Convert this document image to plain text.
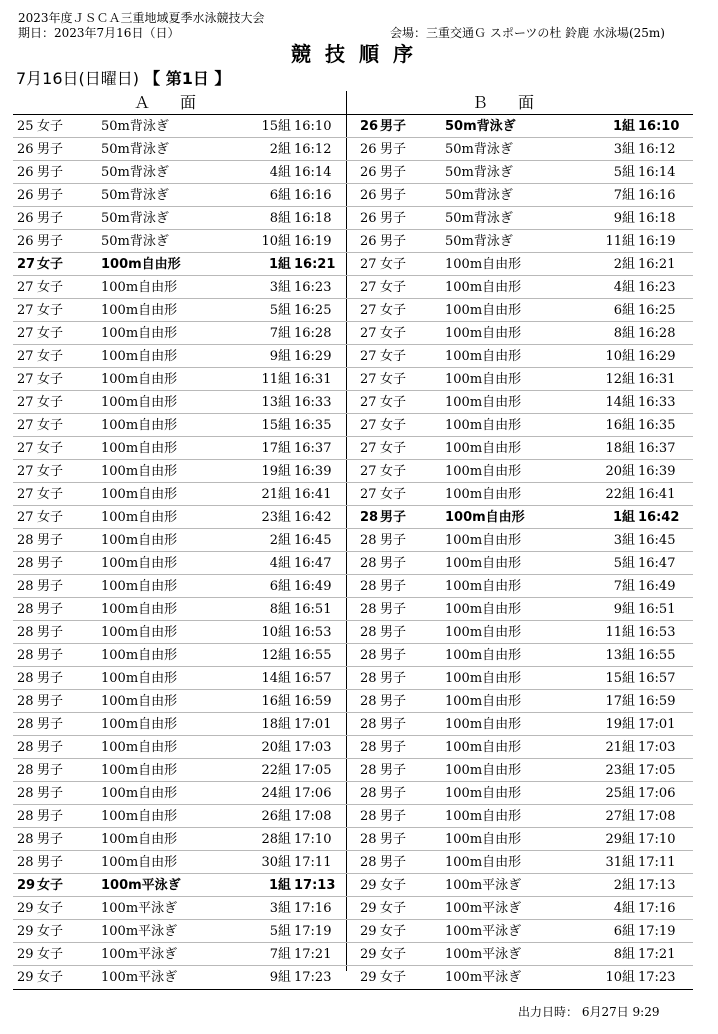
2023年度ＪＳＣＡ三重地域夏季水泳競技大会
期日：2023年7月16日（日）	会場：三重交通Ｇ スポーツの杜 鈴鹿 水泳場(25m)
競技順序
7月16日(日曜日) 【 第1日 】
Ａ面	Ｂ面
25 女子	50m背泳ぎ	15組 16:10 26 男子	50m背泳ぎ	1組 16:10
26 男子	50m背泳ぎ	2組 16:12 26 男子	50m背泳ぎ	3組 16:12
26 男子	50m背泳ぎ	4組 16:14 26 男子	50m背泳ぎ	5組 16:14
26 男子	50m背泳ぎ	6組 16:16 26 男子	50m背泳ぎ	7組 16:16
26 男子	50m背泳ぎ	8組 16:18 26 男子	50m背泳ぎ	9組 16:18
26 男子	50m背泳ぎ	10組 16:19 26 男子	50m背泳ぎ	11組 16:19
27 女子	100m自由形	1組 16:21 27 女子	100m自由形	2組 16:21
27 女子	100m自由形	3組 16:23 27 女子	100m自由形	4組 16:23
27 女子	100m自由形	5組 16:25 27 女子	100m自由形	6組 16:25
27 女子	100m自由形	7組 16:28 27 女子	100m自由形	8組 16:28
27 女子	100m自由形	9組 16:29 27 女子	100m自由形	10組 16:29
27 女子	100m自由形	11組 16:31 27 女子	100m自由形	12組 16:31
27 女子	100m自由形	13組 16:33 27 女子	100m自由形	14組 16:33
27 女子	100m自由形	15組 16:35 27 女子	100m自由形	16組 16:35
27 女子	100m自由形	17組 16:37 27 女子	100m自由形	18組 16:37
27 女子	100m自由形	19組 16:39 27 女子	100m自由形	20組 16:39
27 女子	100m自由形	21組 16:41 27 女子	100m自由形	22組 16:41
27 女子	100m自由形	23組 16:42 28 男子	100m自由形	1組 16:42
28 男子	100m自由形	2組 16:45 28 男子	100m自由形	3組 16:45
28 男子	100m自由形	4組 16:47 28 男子	100m自由形	5組 16:47
28 男子	100m自由形	6組 16:49 28 男子	100m自由形	7組 16:49
28 男子	100m自由形	8組 16:51 28 男子	100m自由形	9組 16:51
28 男子	100m自由形	10組 16:53 28 男子	100m自由形	11組 16:53
28 男子	100m自由形	12組 16:55 28 男子	100m自由形	13組 16:55
28 男子	100m自由形	14組 16:57 28 男子	100m自由形	15組 16:57
28 男子	100m自由形	16組 16:59 28 男子	100m自由形	17組 16:59
28 男子	100m自由形	18組 17:01 28 男子	100m自由形	19組 17:01
28 男子	100m自由形	20組 17:03 28 男子	100m自由形	21組 17:03
28 男子	100m自由形	22組 17:05 28 男子	100m自由形	23組 17:05
28 男子	100m自由形	24組 17:06 28 男子	100m自由形	25組 17:06
28 男子	100m自由形	26組 17:08 28 男子	100m自由形	27組 17:08
28 男子	100m自由形	28組 17:10 28 男子	100m自由形	29組 17:10
28 男子	100m自由形	30組 17:11 28 男子	100m自由形	31組 17:11
29 女子	100m平泳ぎ	1組 17:13 29 女子	100m平泳ぎ	2組 17:13
29 女子	100m平泳ぎ	3組 17:16 29 女子	100m平泳ぎ	4組 17:16
29 女子	100m平泳ぎ	5組 17:19 29 女子	100m平泳ぎ	6組 17:19
29 女子	100m平泳ぎ	7組 17:21 29 女子	100m平泳ぎ	8組 17:21
29 女子	100m平泳ぎ	9組 17:23 29 女子	100m平泳ぎ	10組 17:23
出力日時： 6月27日 9:29
